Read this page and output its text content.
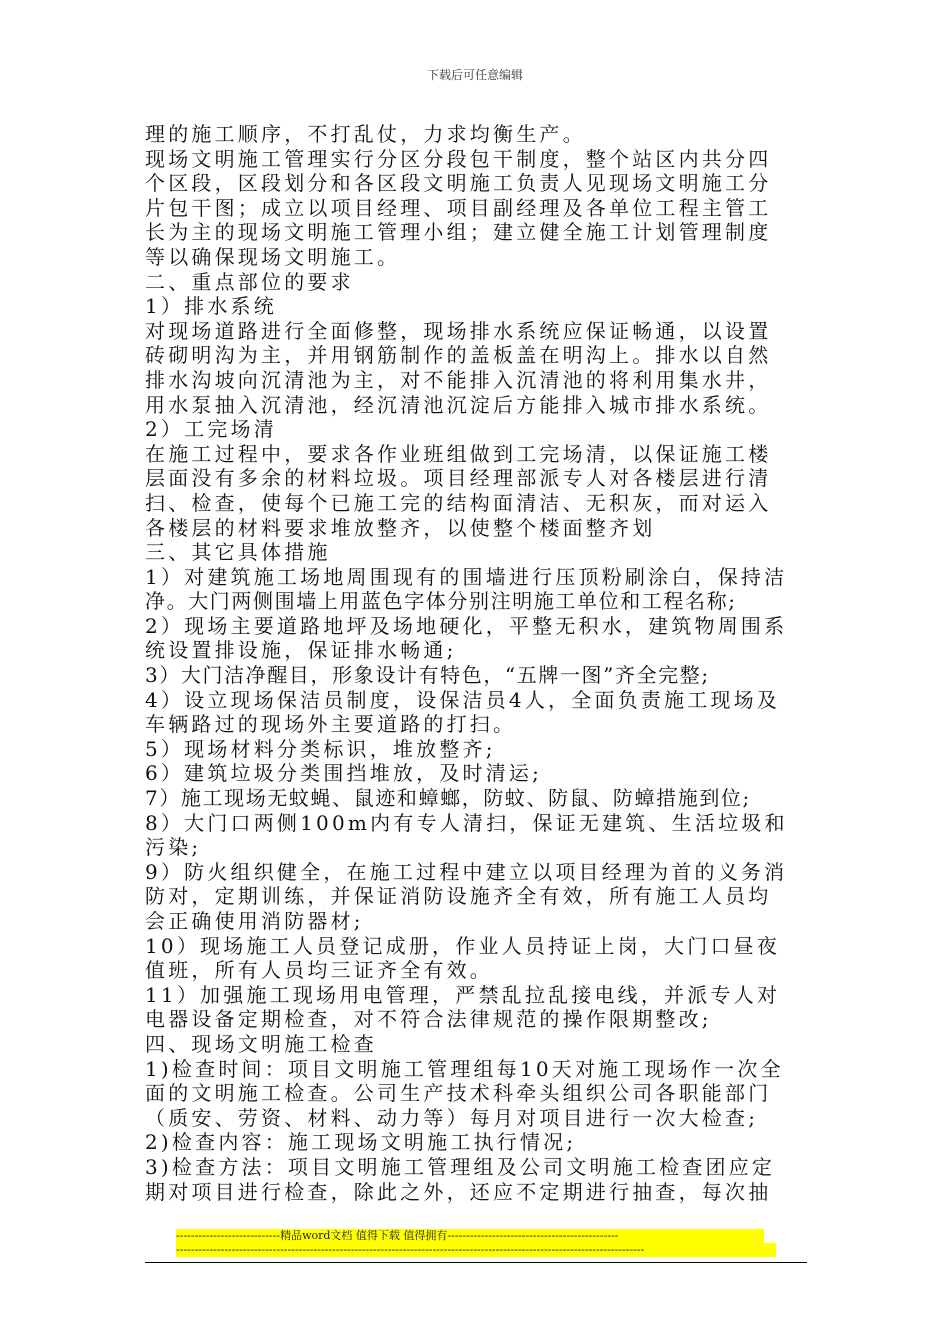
下载后可任意编辑
理的施工顺序，不打乱仗，力求均衡生产。
现场文明施工管理实行分区分段包干制度，整个站区内共分四
个区段，区段划分和各区段文明施工负责人见现场文明施工分
片包干图；成立以项目经理、项目副经理及各单位工程主管工
长为主的现场文明施工管理小组；建立健全施工计划管理制度
等以确保现场文明施工。
二、重点部位的要求
1）排水系统
对现场道路进行全面修整，现场排水系统应保证畅通，以设置
砖砌明沟为主，并用钢筋制作的盖板盖在明沟上。排水以自然
排水沟坡向沉清池为主，对不能排入沉清池的将利用集水井，
用水泵抽入沉清池，经沉清池沉淀后方能排入城市排水系统。
2）工完场清
在施工过程中，要求各作业班组做到工完场清，以保证施工楼
层面没有多余的材料垃圾。项目经理部派专人对各楼层进行清
扫、检查，使每个已施工完的结构面清洁、无积灰，而对运入
各楼层的材料要求堆放整齐，以使整个楼面整齐划
三、其它具体措施
1）对建筑施工场地周围现有的围墙进行压顶粉刷涂白，保持洁
净。大门两侧围墙上用蓝色字体分别注明施工单位和工程名称;
2）现场主要道路地坪及场地硬化，平整无积水，建筑物周围系
统设置排设施，保证排水畅通;
3）大门洁净醒目，形象设计有特色，“五牌一图”齐全完整;
4）设立现场保洁员制度，设保洁员4人，全面负责施工现场及
车辆路过的现场外主要道路的打扫。
5）现场材料分类标识，堆放整齐;
6）建筑垃圾分类围挡堆放，及时清运;
7）施工现场无蚊蝇、鼠迹和蟑螂，防蚊、防鼠、防蟑措施到位;
8）大门口两侧100m内有专人清扫，保证无建筑、生活垃圾和
污染;
9）防火组织健全，在施工过程中建立以项目经理为首的义务消
防对，定期训练，并保证消防设施齐全有效，所有施工人员均
会正确使用消防器材;
10）现场施工人员登记成册，作业人员持证上岗，大门口昼夜
值班，所有人员均三证齐全有效。
11）加强施工现场用电管理，严禁乱拉乱接电线，并派专人对
电器设备定期检查，对不符合法律规范的操作限期整改;
四、现场文明施工检查
1)检查时间：项目文明施工管理组每10天对施工现场作一次全
面的文明施工检查。公司生产技术科牵头组织公司各职能部门
（质安、劳资、材料、动力等）每月对项目进行一次大检查;
2)检查内容：施工现场文明施工执行情况;
3)检查方法：项目文明施工管理组及公司文明施工检查团应定
期对项目进行检查，除此之外，还应不定期进行抽查，每次抽
----------------------------精品word文档 值得下载 值得拥有----------------------------------------------
------------------------------------------------------------------------------------------------------------------------------
